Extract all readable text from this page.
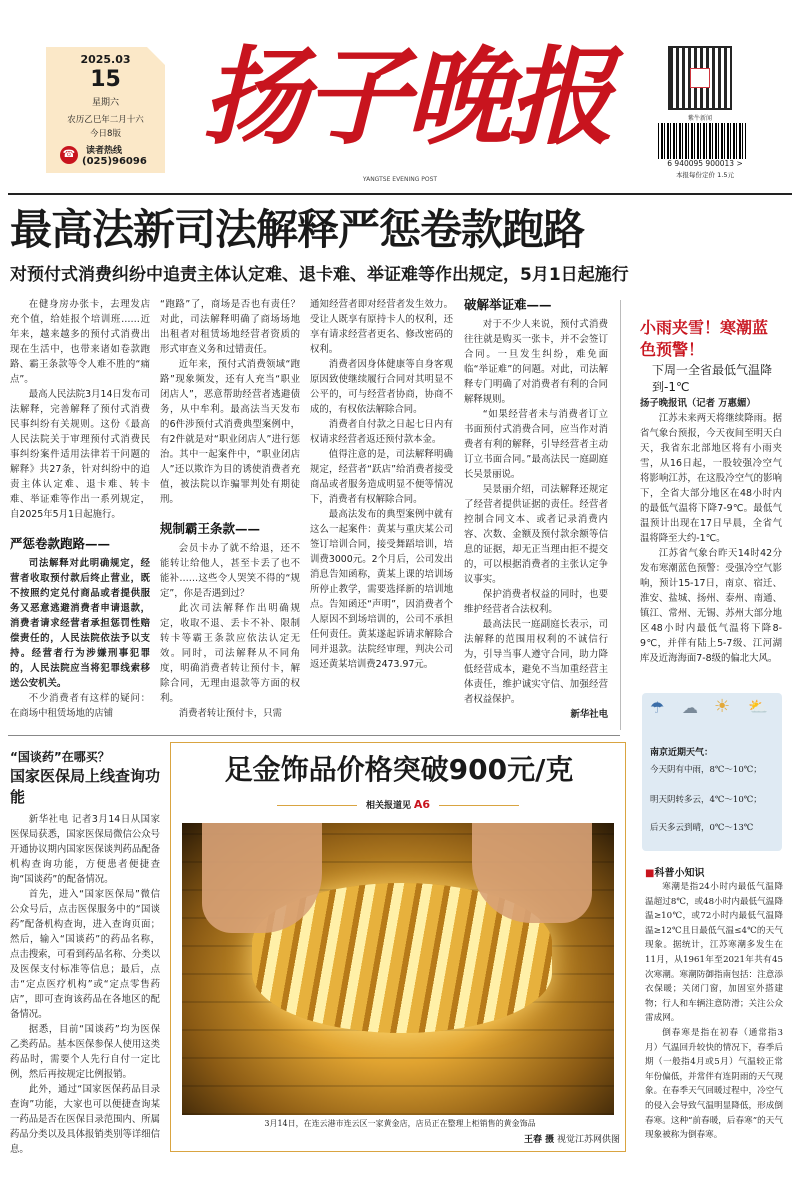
2025.03
15
星期六
农历乙巳年二月十六
今日8版
☎	读者热线
(025)96096
扬子晚报
YANGTSE EVENING POST
紫牛新闻
6 940095 900013 >
本报每份定价 1.5元
最高法新司法解释严惩卷款跑路
对预付式消费纠纷中追责主体认定难、退卡难、举证难等作出规定，5月1日起施行
在健身房办张卡，去理发店充个值，给娃报个培训班……近年来，越来越多的预付式消费出现在生活中，也带来诸如卷款跑路、霸王条款等令人难不胜的“痛点”。
最高人民法院3月14日发布司法解释，完善解释了预付式消费民事纠纷有关规则。这份《最高人民法院关于审理预付式消费民事纠纷案件适用法律若干问题的解释》共27条，针对纠纷中的追责主体认定难、退卡难、转卡难、举证难等作出一系列规定，自2025年5月1日起施行。
严惩卷款跑路——
司法解释对此明确规定，经营者收取预付款后终止营业，既不按照约定兑付商品或者提供服务又恶意逃避消费者申请退款，消费者请求经营者承担惩罚性赔偿责任的，人民法院依法予以支持。经营者行为涉嫌刑事犯罪的，人民法院应当将犯罪线索移送公安机关。
不少消费者有这样的疑问：在商场中租赁场地的店铺
“跑路”了，商场是否也有责任？对此，司法解释明确了商场场地出租者对租赁场地经营者资质的形式审查义务和过错责任。
近年来，预付式消费领域“跑路”现象频发，还有人充当“职业闭店人”，恶意帮助经营者逃避债务，从中牟利。最高法当天发布的6件涉预付式消费典型案例中，有2件就是对“职业闭店人”进行惩治。其中一起案件中，“职业闭店人”还以欺诈为目的诱使消费者充值，被法院以诈骗罪判处有期徒刑。
规制霸王条款——
会员卡办了就不给退，还不能转让给他人，甚至卡丢了也不能补……这些令人哭笑不得的“规定”，你是否遇到过？
此次司法解释作出明确规定，收取不退、丢卡不补、限制转卡等霸王条款应依法认定无效。同时，司法解释从不同角度，明确消费者转让预付卡，解除合同，无理由退款等方面的权利。
消费者转让预付卡，只需
通知经营者即对经营者发生效力。受让人既享有原持卡人的权利，还享有请求经营者更名、修改密码的权利。
消费者因身体健康等自身客观原因致使继续履行合同对其明显不公平的，可与经营者协商，协商不成的，有权依法解除合同。
消费者自付款之日起七日内有权请求经营者返还预付款本金。
值得注意的是，司法解释明确规定，经营者“跃店”给消费者接受商品或者服务造成明显不便等情况下，消费者有权解除合同。
最高法发布的典型案例中就有这么一起案件：黄某与重庆某公司签订培训合同，接受舞蹈培训，培训费3000元。2个月后，公司发出消息告知函称，黄某上课的培训场所停止教学，需要选择新的培训地点。告知函还“声明”，因消费者个人原因不到场培训的，公司不承担任何责任。黄某遂起诉请求解除合同并退款。法院经审理，判决公司返还黄某培训费2473.97元。
破解举证难——
对于不少人来说，预付式消费往往就是购买一张卡，并不会签订合同。一旦发生纠纷，难免面临“举证难”的问题。对此，司法解释专门明确了对消费者有利的合同解释规则。
“如果经营者未与消费者订立书面预付式消费合同，应当作对消费者有利的解释，引导经营者主动订立书面合同。”最高法民一庭副庭长吴景丽说。
吴景丽介绍，司法解释还规定了经营者提供证据的责任。经营者控制合同文本、或者记录消费内容、次数、金额及预付款余额等信息的证据，却无正当理由拒不提交的，可以根据消费者的主张认定争议事实。
保护消费者权益的同时，也要维护经营者合法权利。
最高法民一庭副庭长表示，司法解释的范围用权利的不诚信行为，引导当事人遵守合同，助力降低经营成本，避免不当加重经营主体责任，维护诚实守信、加强经营者权益保护。
新华社电
小雨夹雪！寒潮蓝色预警！
下周一全省最低气温降到-1℃
扬子晚报讯（记者 万惠媚）
江苏未来两天将继续降雨。据省气象台预报，今天夜间至明天白天，我省东北部地区将有小雨夹雪，从16日起，一股较强冷空气将影响江苏，在这股冷空气的影响下，全省大部分地区在48小时内的最低气温将下降7-9℃。最低气温预计出现在17日早晨，全省气温将降至大约-1℃。
江苏省气象台昨天14时42分发布寒潮蓝色预警：受强冷空气影响，预计15-17日，南京、宿迁、淮安、盐城、扬州、泰州、南通、镇江、常州、无锡、苏州大部分地区48小时内最低气温将下降8-9℃，并伴有陆上5-7级、江河湖库及近海海面7-8级的偏北大风。
☂ ☁ ☀ ⛅
南京近期天气：
今天阴有中雨，8℃～10℃；
明天阴转多云，4℃～10℃；
后天多云到晴，0℃～13℃
■科普小知识
寒潮是指24小时内最低气温降温超过8℃，或48小时内最低气温降温≥10℃，或72小时内最低气温降温≥12℃且日最低气温≤4℃的天气现象。据统计，江苏寒潮多发生在11月，从1961年至2021年共有45次寒潮。寒潮防御指南包括：注意添衣保暖；关闭门窗，加固室外搭建物；行人和车辆注意防滑；关注公众雷成网。
倒春寒是指在初春（通常指3月）气温回升较快的情况下，春季后期（一般指4月或5月）气温较正常年份偏低，并常伴有连阴雨的天气现象。在春季天气回暖过程中，冷空气的侵入会导致气温明显降低，形成倒春寒。这种“前春暖，后春寒”的天气现象被称为倒春寒。
“国谈药”在哪买？
国家医保局上线查询功能
新华社电 记者3月14日从国家医保局获悉，国家医保局微信公众号开通协议期内国家医保谈判药品配备机构查询功能，方便患者便捷查询“国谈药”的配备情况。
首先，进入“国家医保局”微信公众号后，点击医保服务中的“国谈药”配备机构查询，进入查询页面；然后，输入“国谈药”的药品名称，点击搜索，可看到药品名称、分类以及医保支付标准等信息；最后，点击“定点医疗机构”或“定点零售药店”，即可查询该药品在各地区的配备情况。
据悉，目前“国谈药”均为医保乙类药品。基本医保参保人使用这类药品时，需要个人先行自付一定比例，然后再按规定比例报销。
此外，通过“国家医保药品目录查询”功能，大家也可以便捷查询某一药品是否在医保目录范围内、所属药品分类以及具体报销类别等详细信息。
足金饰品价格突破900元/克
相关报道见 A6
3月14日，在连云港市连云区一家黄金店，店员正在整理上柜销售的黄金饰品
王春 摄 视觉江苏网供图
